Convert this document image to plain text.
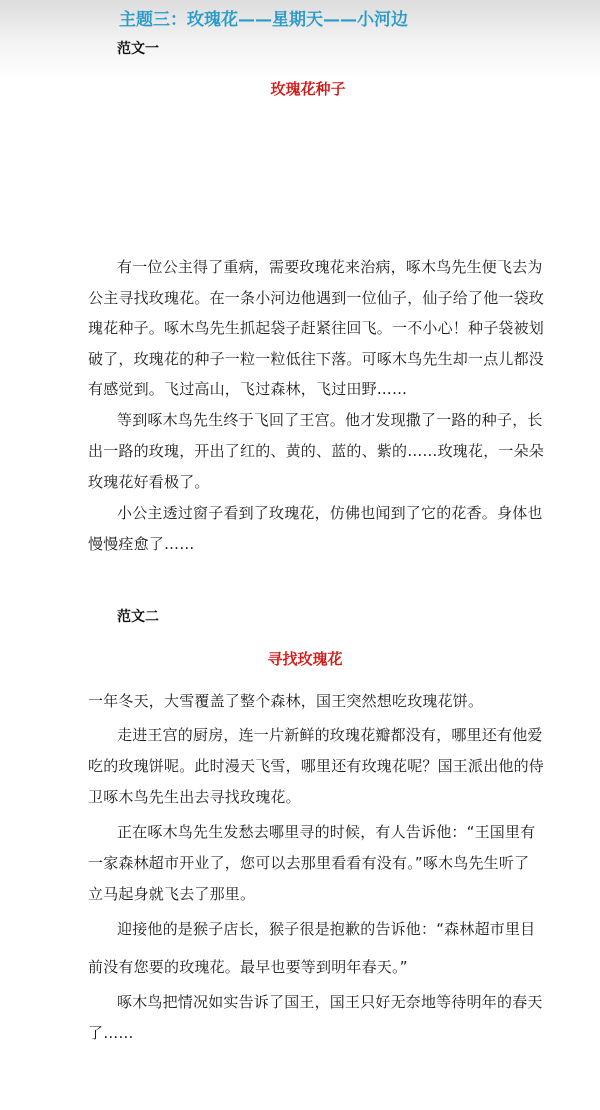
主题三：玫瑰花——星期天——小河边
范文一
玫瑰花种子
有一位公主得了重病，需要玫瑰花来治病，啄木鸟先生便飞去为
公主寻找玫瑰花。在一条小河边他遇到一位仙子，仙子给了他一袋玫
瑰花种子。啄木鸟先生抓起袋子赶紧往回飞。一不小心！种子袋被划
破了，玫瑰花的种子一粒一粒低往下落。可啄木鸟先生却一点儿都没
有感觉到。飞过高山，飞过森林，飞过田野……
等到啄木鸟先生终于飞回了王宫。他才发现撒了一路的种子，长
出一路的玫瑰，开出了红的、黄的、蓝的、紫的……玫瑰花，一朵朵
玫瑰花好看极了。
小公主透过窗子看到了玫瑰花，仿佛也闻到了它的花香。身体也
慢慢痊愈了……
范文二
寻找玫瑰花
一年冬天，大雪覆盖了整个森林，国王突然想吃玫瑰花饼。
走进王宫的厨房，连一片新鲜的玫瑰花瓣都没有，哪里还有他爱
吃的玫瑰饼呢。此时漫天飞雪，哪里还有玫瑰花呢？国王派出他的侍
卫啄木鸟先生出去寻找玫瑰花。
正在啄木鸟先生发愁去哪里寻的时候，有人告诉他：“王国里有
一家森林超市开业了，您可以去那里看看有没有。”啄木鸟先生听了
立马起身就飞去了那里。
迎接他的是猴子店长，猴子很是抱歉的告诉他：“森林超市里目
前没有您要的玫瑰花。最早也要等到明年春天。”
啄木鸟把情况如实告诉了国王，国王只好无奈地等待明年的春天
了……
